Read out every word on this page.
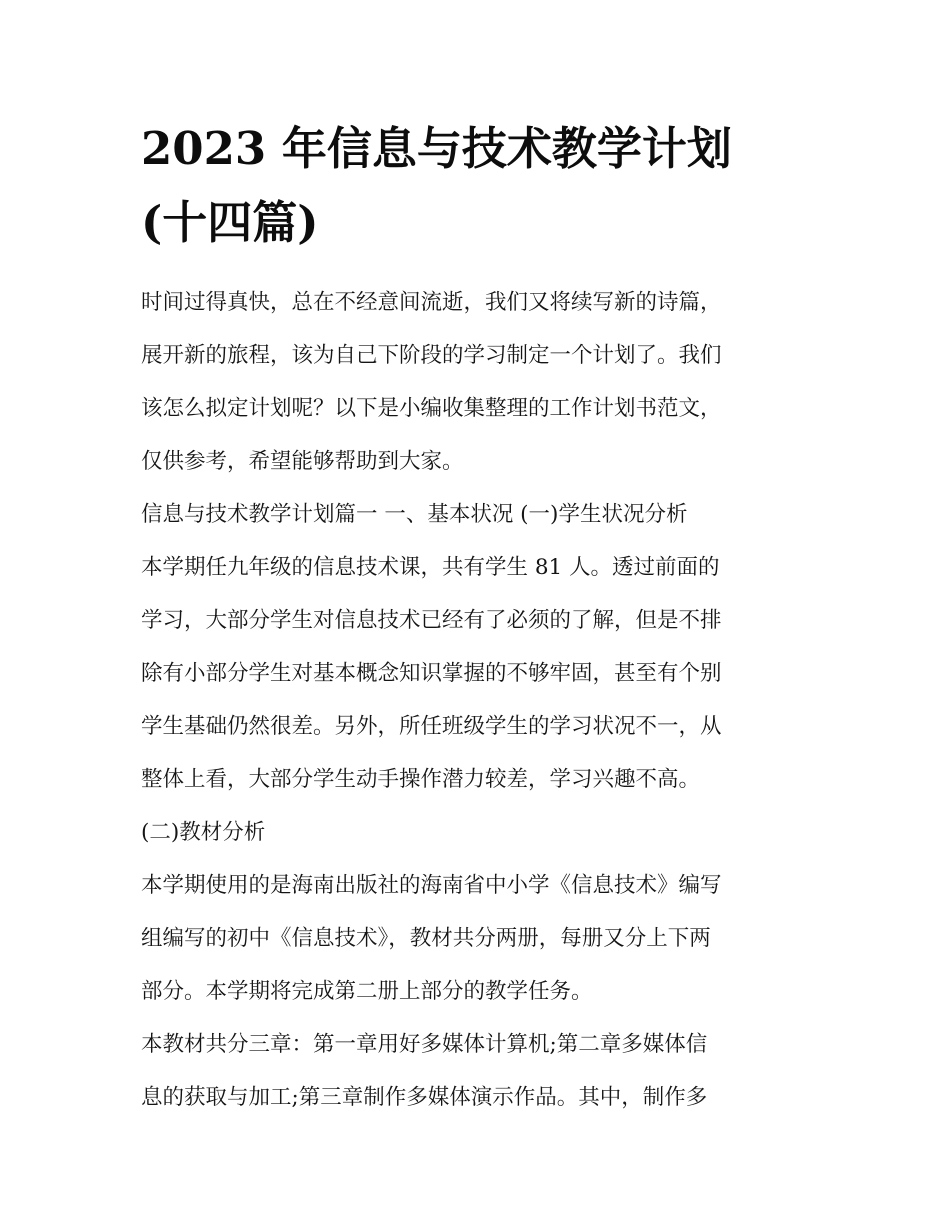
2023 年信息与技术教学计划
(十四篇)
时间过得真快，总在不经意间流逝，我们又将续写新的诗篇，
展开新的旅程，该为自己下阶段的学习制定一个计划了。我们
该怎么拟定计划呢？以下是小编收集整理的工作计划书范文，
仅供参考，希望能够帮助到大家。
信息与技术教学计划篇一 一、基本状况 (一)学生状况分析
本学期任九年级的信息技术课，共有学生 81 人。透过前面的
学习，大部分学生对信息技术已经有了必须的了解，但是不排
除有小部分学生对基本概念知识掌握的不够牢固，甚至有个别
学生基础仍然很差。另外，所任班级学生的学习状况不一，从
整体上看，大部分学生动手操作潜力较差，学习兴趣不高。
(二)教材分析
本学期使用的是海南出版社的海南省中小学《信息技术》编写
组编写的初中《信息技术》，教材共分两册，每册又分上下两
部分。本学期将完成第二册上部分的教学任务。
本教材共分三章：第一章用好多媒体计算机;第二章多媒体信
息的获取与加工;第三章制作多媒体演示作品。其中，制作多
